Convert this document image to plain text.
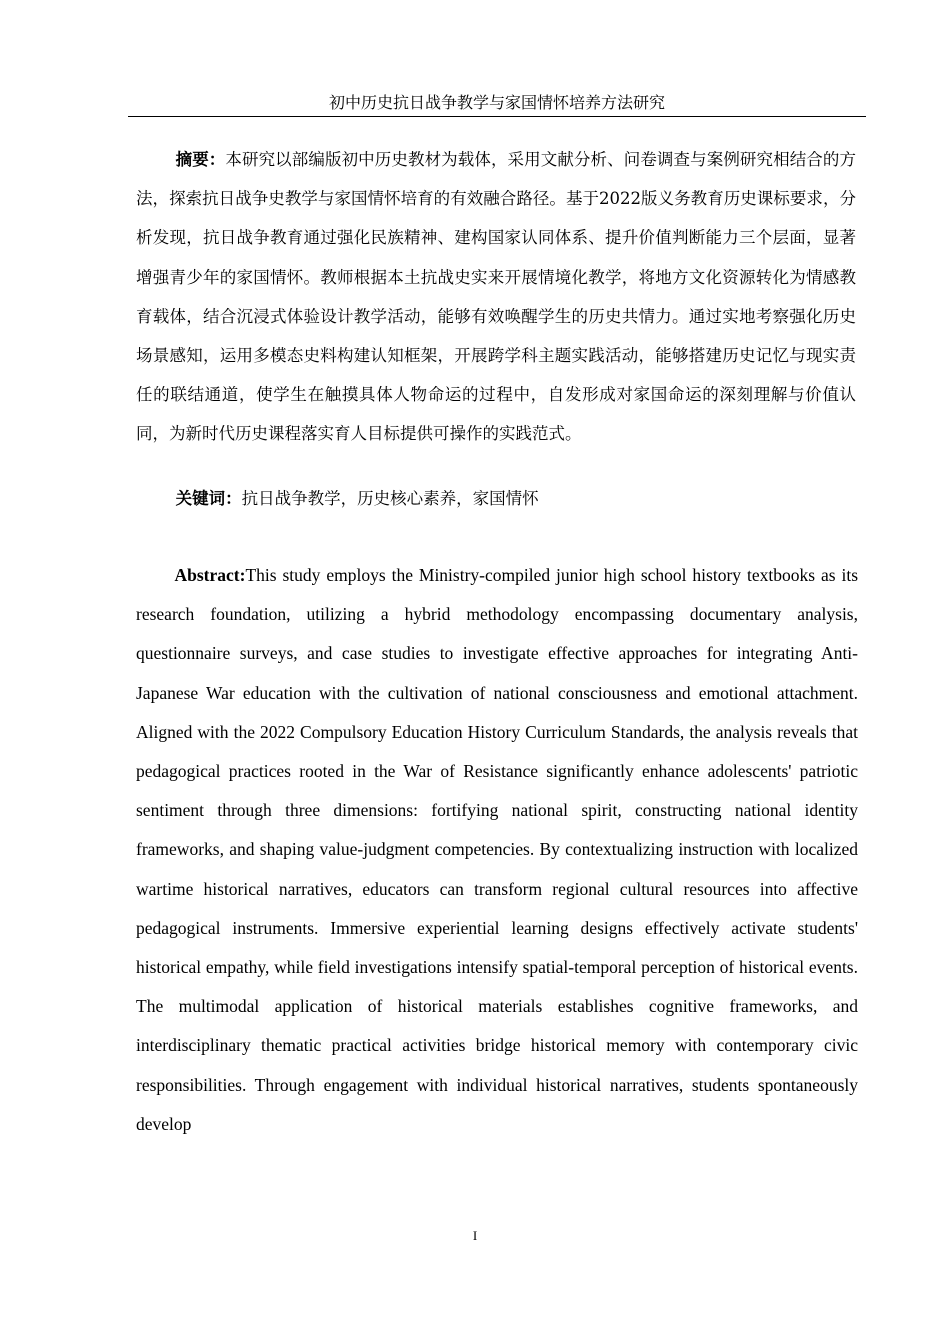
初中历史抗日战争教学与家国情怀培养方法研究

摘要：本研究以部编版初中历史教材为载体，采用文献分析、问卷调查与案例研究相结合的方法，探索抗日战争史教学与家国情怀培育的有效融合路径。基于2022版义务教育历史课标要求，分析发现，抗日战争教育通过强化民族精神、建构国家认同体系、提升价值判断能力三个层面，显著增强青少年的家国情怀。教师根据本土抗战史实来开展情境化教学，将地方文化资源转化为情感教育载体，结合沉浸式体验设计教学活动，能够有效唤醒学生的历史共情力。通过实地考察强化历史场景感知，运用多模态史料构建认知框架，开展跨学科主题实践活动，能够搭建历史记忆与现实责任的联结通道，使学生在触摸具体人物命运的过程中，自发形成对家国命运的深刻理解与价值认同，为新时代历史课程落实育人目标提供可操作的实践范式。

关键词：抗日战争教学，历史核心素养，家国情怀

Abstract:This study employs the Ministry-compiled junior high school history textbooks as its research foundation, utilizing a hybrid methodology encompassing documentary analysis, questionnaire surveys, and case studies to investigate effective approaches for integrating Anti-Japanese War education with the cultivation of national consciousness and emotional attachment. Aligned with the 2022 Compulsory Education History Curriculum Standards, the analysis reveals that pedagogical practices rooted in the War of Resistance significantly enhance adolescents' patriotic sentiment through three dimensions: fortifying national spirit, constructing national identity frameworks, and shaping value-judgment competencies. By contextualizing instruction with localized wartime historical narratives, educators can transform regional cultural resources into affective pedagogical instruments. Immersive experiential learning designs effectively activate students' historical empathy, while field investigations intensify spatial-temporal perception of historical events. The multimodal application of historical materials establishes cognitive frameworks, and interdisciplinary thematic practical activities bridge historical memory with contemporary civic responsibilities. Through engagement with individual historical narratives, students spontaneously develop

I
